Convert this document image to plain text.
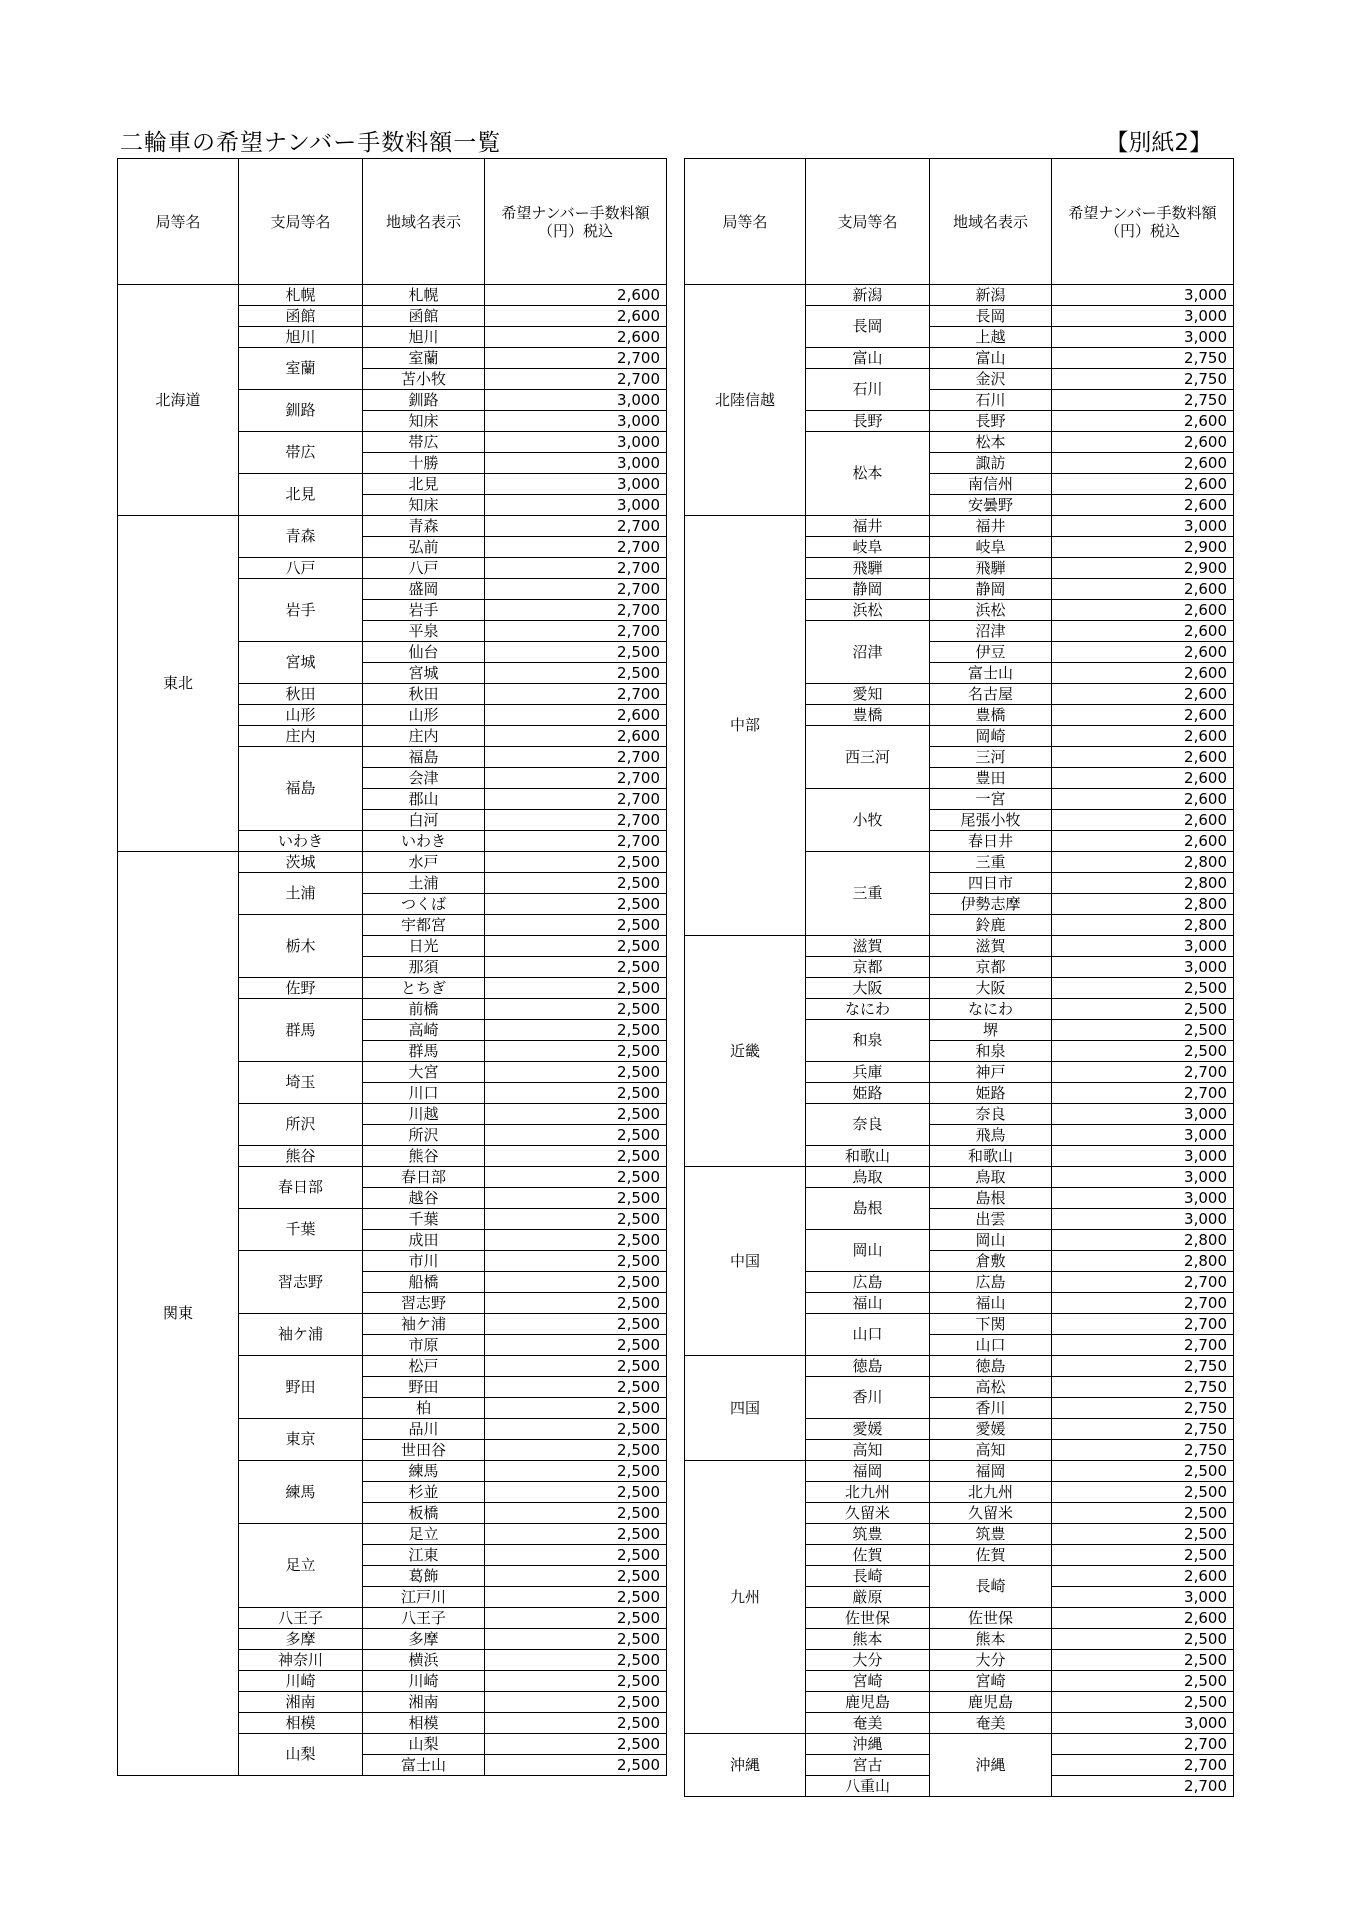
二輪車の希望ナンバー手数料額一覧	【別紙2】
局等名	支局等名	地域名表示	希望ナンバー手数料額（円）税込
北海道	札幌	札幌	2,600
	函館	函館	2,600
	旭川	旭川	2,600
	室蘭	室蘭	2,700
		苫小牧	2,700
	釧路	釧路	3,000
		知床	3,000
	帯広	帯広	3,000
		十勝	3,000
	北見	北見	3,000
		知床	3,000
東北	青森	青森	2,700
		弘前	2,700
	八戸	八戸	2,700
	岩手	盛岡	2,700
		岩手	2,700
		平泉	2,700
	宮城	仙台	2,500
		宮城	2,500
	秋田	秋田	2,700
	山形	山形	2,600
	庄内	庄内	2,600
	福島	福島	2,700
		会津	2,700
		郡山	2,700
		白河	2,700
	いわき	いわき	2,700
関東	茨城	水戸	2,500
	土浦	土浦	2,500
		つくば	2,500
	栃木	宇都宮	2,500
		日光	2,500
		那須	2,500
	佐野	とちぎ	2,500
	群馬	前橋	2,500
		高崎	2,500
		群馬	2,500
	埼玉	大宮	2,500
		川口	2,500
	所沢	川越	2,500
		所沢	2,500
	熊谷	熊谷	2,500
	春日部	春日部	2,500
		越谷	2,500
	千葉	千葉	2,500
		成田	2,500
	習志野	市川	2,500
		船橋	2,500
		習志野	2,500
	袖ケ浦	袖ケ浦	2,500
		市原	2,500
	野田	松戸	2,500
		野田	2,500
		柏	2,500
	東京	品川	2,500
		世田谷	2,500
	練馬	練馬	2,500
		杉並	2,500
		板橋	2,500
	足立	足立	2,500
		江東	2,500
		葛飾	2,500
		江戸川	2,500
	八王子	八王子	2,500
	多摩	多摩	2,500
	神奈川	横浜	2,500
	川崎	川崎	2,500
	湘南	湘南	2,500
	相模	相模	2,500
	山梨	山梨	2,500
		富士山	2,500
局等名	支局等名	地域名表示	希望ナンバー手数料額（円）税込
北陸信越	新潟	新潟	3,000
	長岡	長岡	3,000
		上越	3,000
	富山	富山	2,750
	石川	金沢	2,750
		石川	2,750
	長野	長野	2,600
	松本	松本	2,600
		諏訪	2,600
		南信州	2,600
		安曇野	2,600
中部	福井	福井	3,000
	岐阜	岐阜	2,900
	飛騨	飛騨	2,900
	静岡	静岡	2,600
	浜松	浜松	2,600
	沼津	沼津	2,600
		伊豆	2,600
		富士山	2,600
	愛知	名古屋	2,600
	豊橋	豊橋	2,600
	西三河	岡崎	2,600
		三河	2,600
		豊田	2,600
	小牧	一宮	2,600
		尾張小牧	2,600
		春日井	2,600
	三重	三重	2,800
		四日市	2,800
		伊勢志摩	2,800
		鈴鹿	2,800
近畿	滋賀	滋賀	3,000
	京都	京都	3,000
	大阪	大阪	2,500
	なにわ	なにわ	2,500
	和泉	堺	2,500
		和泉	2,500
	兵庫	神戸	2,700
	姫路	姫路	2,700
	奈良	奈良	3,000
		飛鳥	3,000
	和歌山	和歌山	3,000
中国	鳥取	鳥取	3,000
	島根	島根	3,000
		出雲	3,000
	岡山	岡山	2,800
		倉敷	2,800
	広島	広島	2,700
	福山	福山	2,700
	山口	下関	2,700
		山口	2,700
四国	徳島	徳島	2,750
	香川	高松	2,750
		香川	2,750
	愛媛	愛媛	2,750
	高知	高知	2,750
九州	福岡	福岡	2,500
	北九州	北九州	2,500
	久留米	久留米	2,500
	筑豊	筑豊	2,500
	佐賀	佐賀	2,500
	長崎	長崎	2,600
	厳原		3,000
	佐世保	佐世保	2,600
	熊本	熊本	2,500
	大分	大分	2,500
	宮崎	宮崎	2,500
	鹿児島	鹿児島	2,500
	奄美	奄美	3,000
沖縄	沖縄	沖縄	2,700
	宮古		2,700
	八重山		2,700
